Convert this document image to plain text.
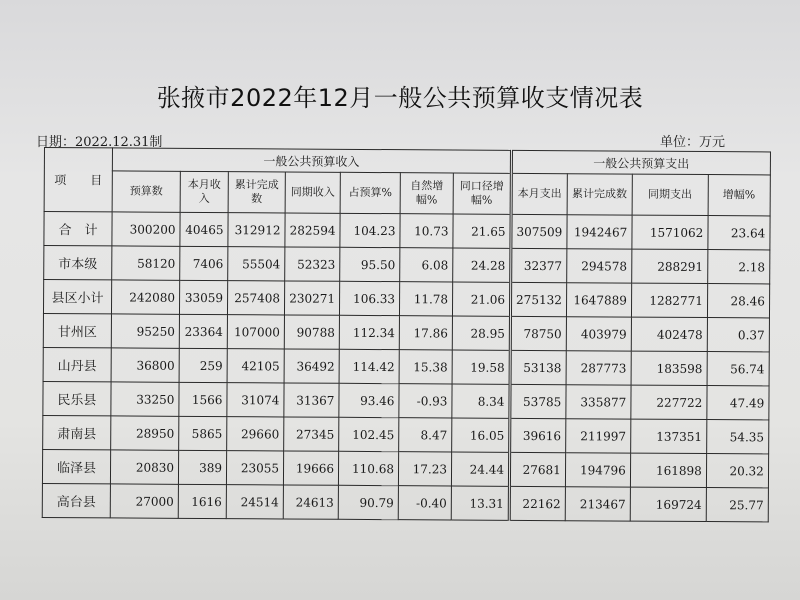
张掖市2022年12月一般公共预算收支情况表
日期：2022.12.31制	单位：万元
项　　目	一般公共预算收入							一般公共预算支出			
	预算数	本月收入	累计完成数	同期收入	占预算%	自然增幅%	同口径增幅%	本月支出	累计完成数	同期支出	增幅%
合　计	300200	40465	312912	282594	104.23	10.73	21.65	307509	1942467	1571062	23.64
市本级	58120	7406	55504	52323	95.50	6.08	24.28	32377	294578	288291	2.18
县区小计	242080	33059	257408	230271	106.33	11.78	21.06	275132	1647889	1282771	28.46
甘州区	95250	23364	107000	90788	112.34	17.86	28.95	78750	403979	402478	0.37
山丹县	36800	259	42105	36492	114.42	15.38	19.58	53138	287773	183598	56.74
民乐县	33250	1566	31074	31367	93.46	-0.93	8.34	53785	335877	227722	47.49
肃南县	28950	5865	29660	27345	102.45	8.47	16.05	39616	211997	137351	54.35
临泽县	20830	389	23055	19666	110.68	17.23	24.44	27681	194796	161898	20.32
高台县	27000	1616	24514	24613	90.79	-0.40	13.31	22162	213467	169724	25.77
